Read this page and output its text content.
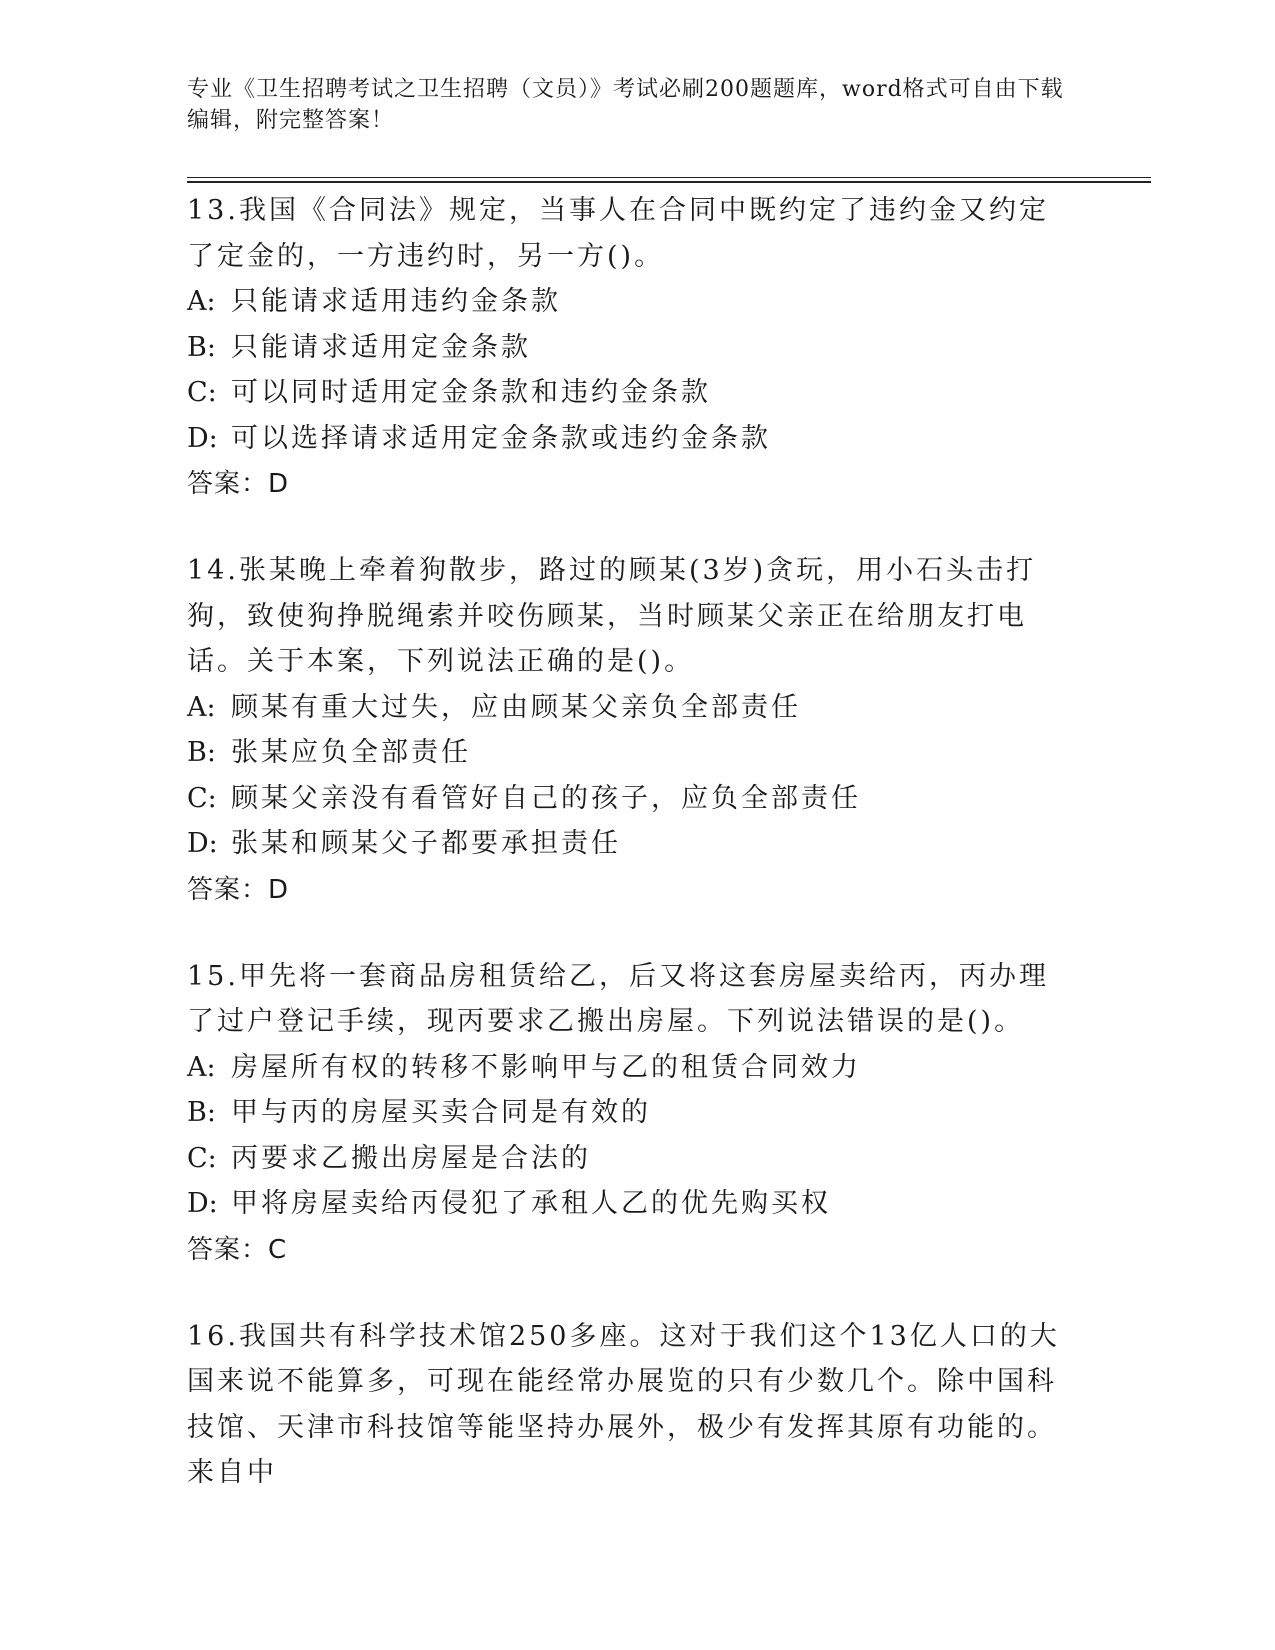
专业《卫生招聘考试之卫生招聘（文员）》考试必刷200题题库，word格式可自由下载编辑，附完整答案！

13.我国《合同法》规定，当事人在合同中既约定了违约金又约定了定金的，一方违约时，另一方()。

A: 只能请求适用违约金条款

B: 只能请求适用定金条款

C: 可以同时适用定金条款和违约金条款

D: 可以选择请求适用定金条款或违约金条款

答案：D

14.张某晚上牵着狗散步，路过的顾某(3岁)贪玩，用小石头击打狗，致使狗挣脱绳索并咬伤顾某，当时顾某父亲正在给朋友打电话。关于本案，下列说法正确的是()。

A: 顾某有重大过失，应由顾某父亲负全部责任

B: 张某应负全部责任

C: 顾某父亲没有看管好自己的孩子，应负全部责任

D: 张某和顾某父子都要承担责任

答案：D

15.甲先将一套商品房租赁给乙，后又将这套房屋卖给丙，丙办理了过户登记手续，现丙要求乙搬出房屋。下列说法错误的是()。

A: 房屋所有权的转移不影响甲与乙的租赁合同效力

B: 甲与丙的房屋买卖合同是有效的

C: 丙要求乙搬出房屋是合法的

D: 甲将房屋卖给丙侵犯了承租人乙的优先购买权

答案：C

16.我国共有科学技术馆250多座。这对于我们这个13亿人口的大国来说不能算多，可现在能经常办展览的只有少数几个。除中国科技馆、天津市科技馆等能坚持办展外，极少有发挥其原有功能的。来自中
